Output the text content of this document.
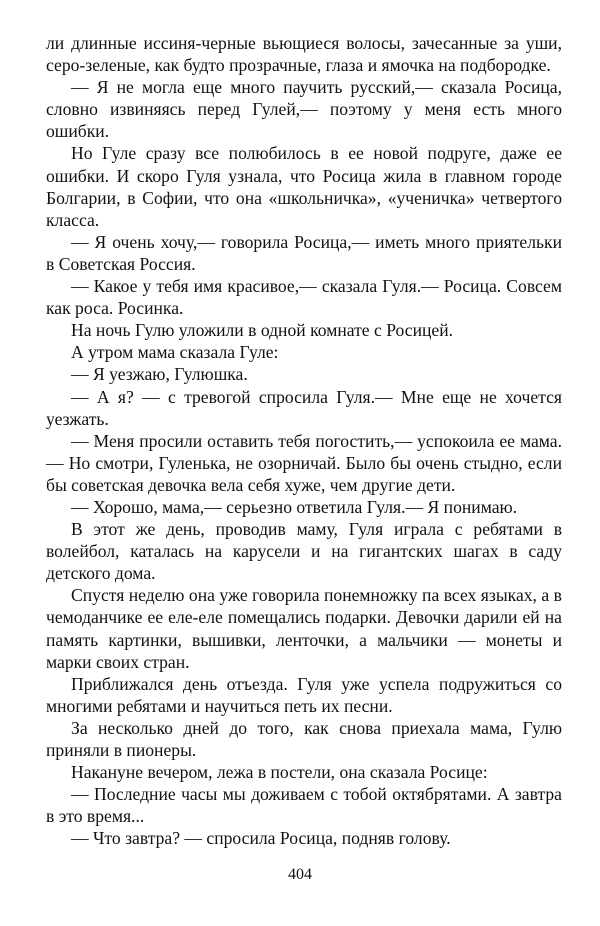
ли длинные иссиня-черные вьющиеся волосы, зачесанные за уши, серо-зеленые, как будто прозрачные, глаза и ямочка на подбородке.

— Я не могла еще много паучить русский,— сказала Росица, словно извиняясь перед Гулей,— поэтому у меня есть много ошибки.

Но Гуле сразу все полюбилось в ее новой подруге, даже ее ошибки. И скоро Гуля узнала, что Росица жила в главном городе Болгарии, в Софии, что она «школьничка», «ученичка» четвертого класса.

— Я очень хочу,— говорила Росица,— иметь много приятельки в Советская Россия.

— Какое у тебя имя красивое,— сказала Гуля.— Росица. Совсем как роса. Росинка.

На ночь Гулю уложили в одной комнате с Росицей.

А утром мама сказала Гуле:

— Я уезжаю, Гулюшка.

— А я? — с тревогой спросила Гуля.— Мне еще не хочется уезжать.

— Меня просили оставить тебя погостить,— успокоила ее мама.— Но смотри, Гуленька, не озорничай. Было бы очень стыдно, если бы советская девочка вела себя хуже, чем другие дети.

— Хорошо, мама,— серьезно ответила Гуля.— Я понимаю.

В этот же день, проводив маму, Гуля играла с ребятами в волейбол, каталась на карусели и на гигантских шагах в саду детского дома.

Спустя неделю она уже говорила понемножку па всех языках, а в чемоданчике ее еле-еле помещались подарки. Девочки дарили ей на память картинки, вышивки, ленточки, а мальчики — монеты и марки своих стран.

Приближался день отъезда. Гуля уже успела подружиться со многими ребятами и научиться петь их песни.

За несколько дней до того, как снова приехала мама, Гулю приняли в пионеры.

Накануне вечером, лежа в постели, она сказала Росице:

— Последние часы мы доживаем с тобой октябрятами. А завтра в это время...

— Что завтра? — спросила Росица, подняв голову.

404
